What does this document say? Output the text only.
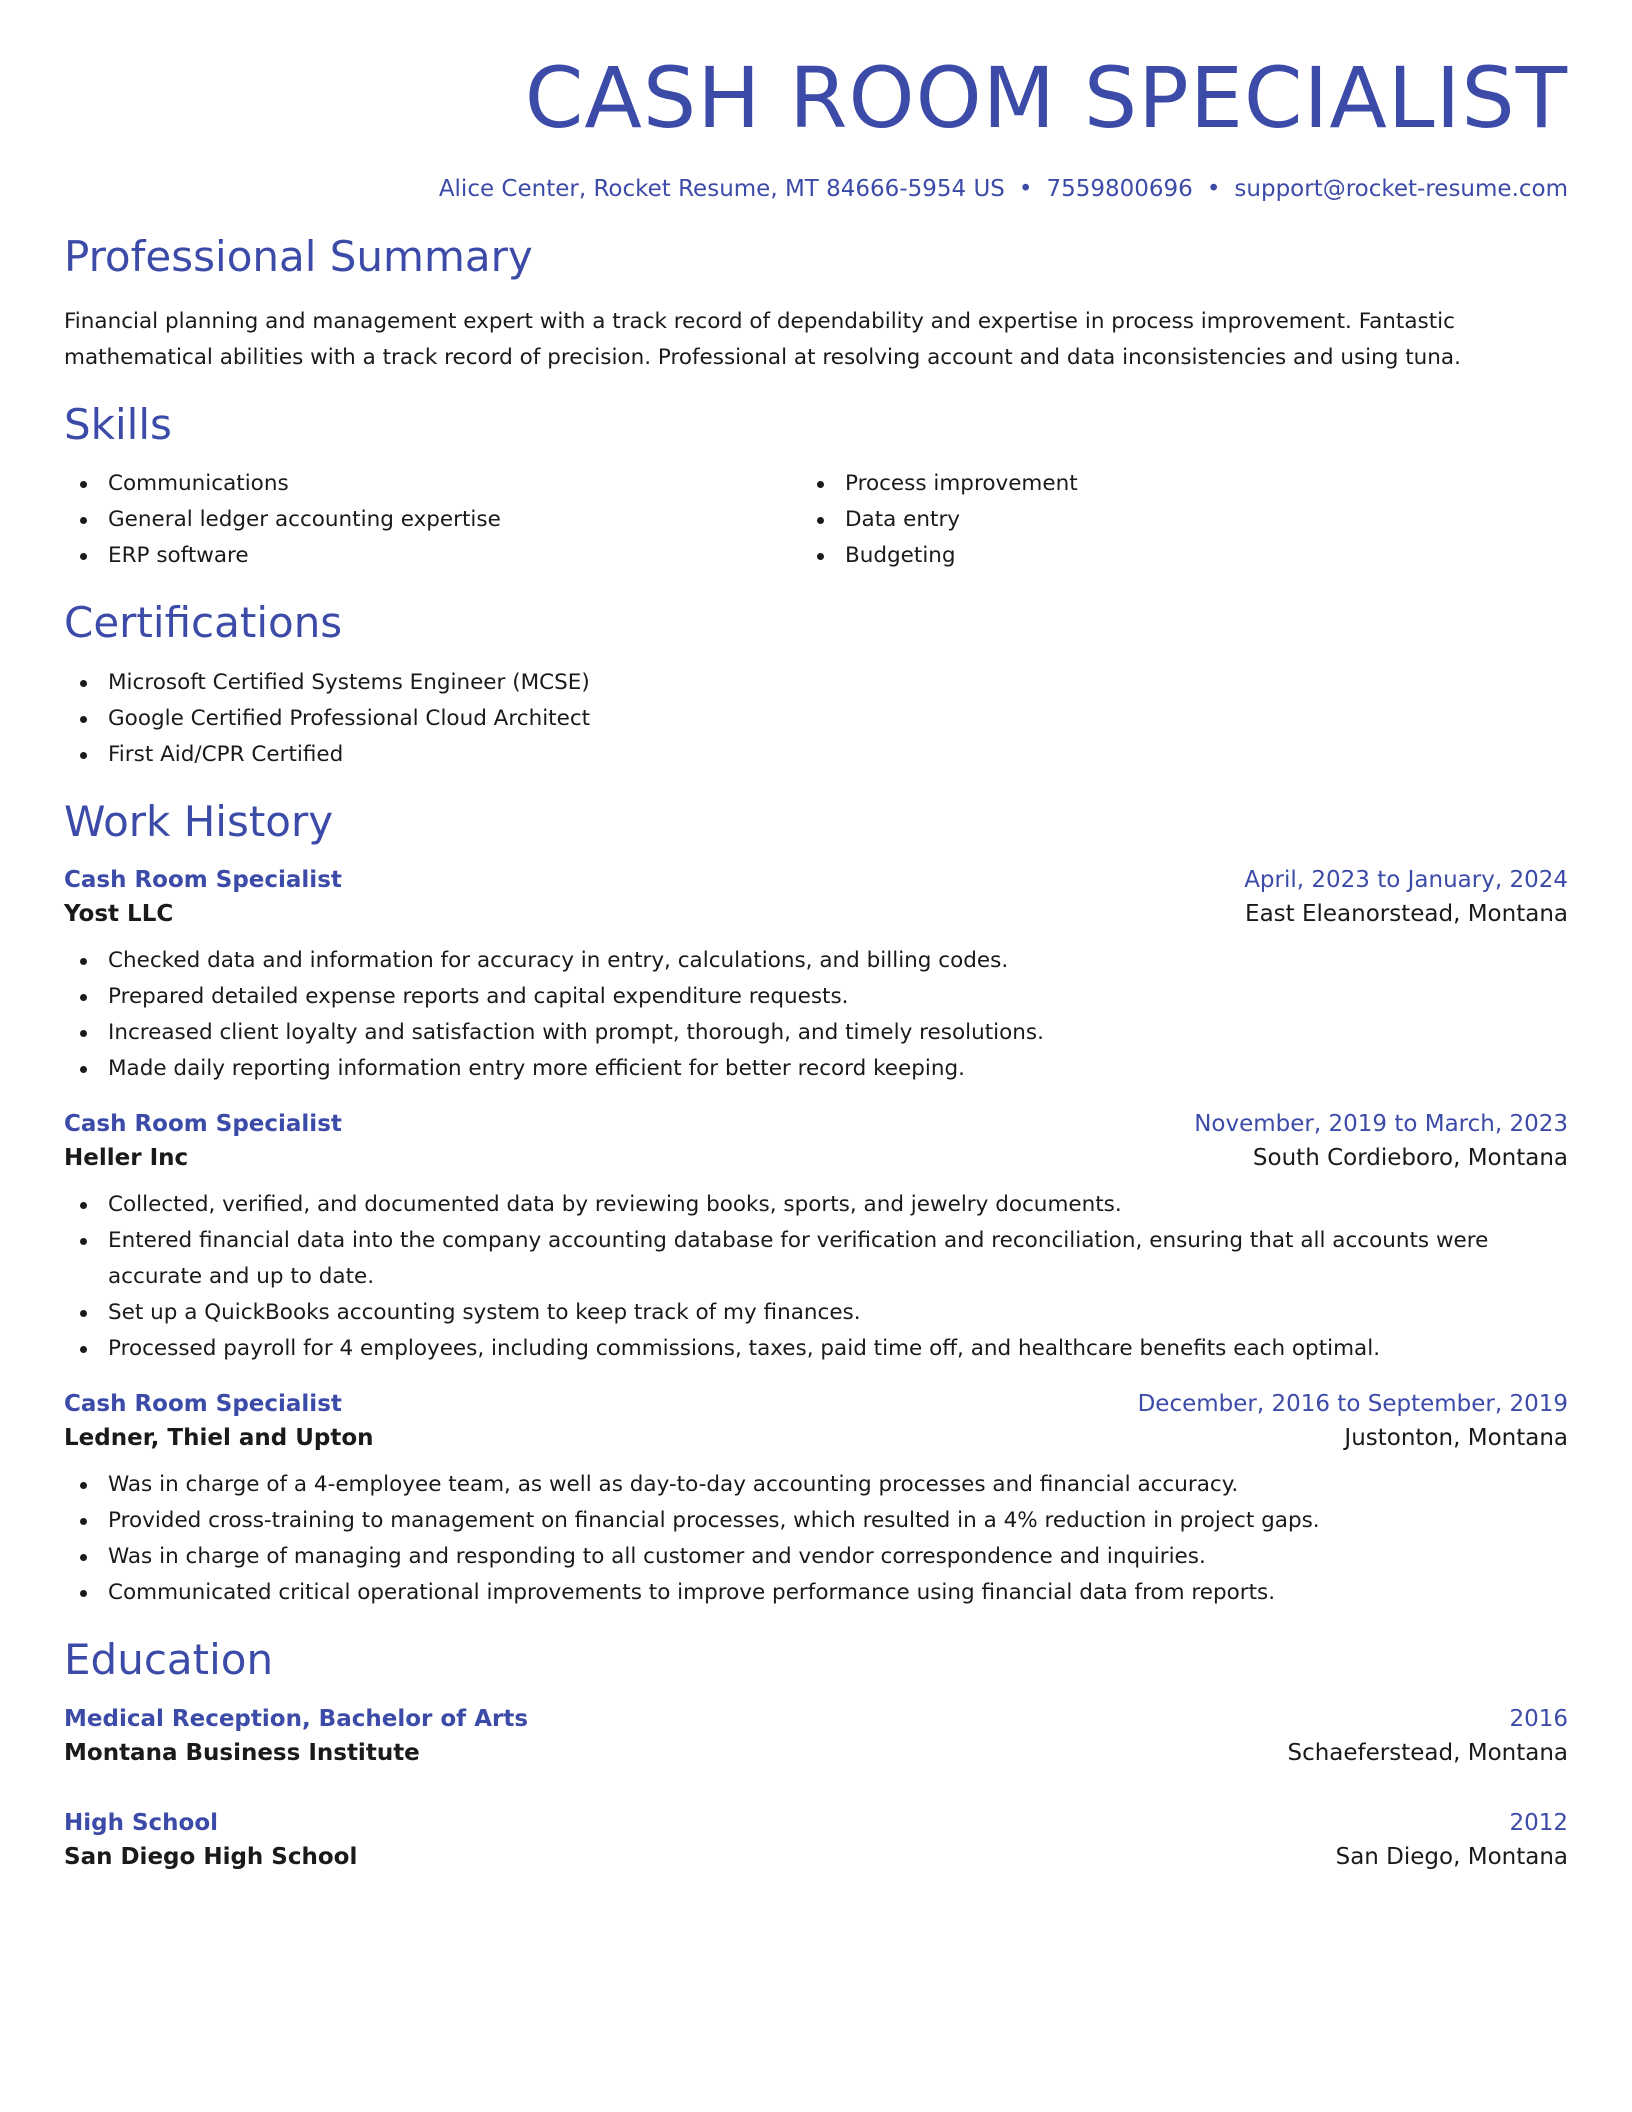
CASH ROOM SPECIALIST
Alice Center, Rocket Resume, MT 84666-5954 US • 7559800696 • support@rocket-resume.com
Professional Summary

Financial planning and management expert with a track record of dependability and expertise in process improvement. Fantastic mathematical abilities with a track record of precision. Professional at resolving account and data inconsistencies and using tuna.

Skills
Communications
General ledger accounting expertise
ERP software
Process improvement
Data entry
Budgeting
Certifications
Microsoft Certified Systems Engineer (MCSE)
Google Certified Professional Cloud Architect
First Aid/CPR Certified
Work History
Cash Room Specialist	April, 2023 to January, 2024
Yost LLC	East Eleanorstead, Montana
Checked data and information for accuracy in entry, calculations, and billing codes.
Prepared detailed expense reports and capital expenditure requests.
Increased client loyalty and satisfaction with prompt, thorough, and timely resolutions.
Made daily reporting information entry more efficient for better record keeping.
Cash Room Specialist	November, 2019 to March, 2023
Heller Inc	South Cordieboro, Montana
Collected, verified, and documented data by reviewing books, sports, and jewelry documents.
Entered financial data into the company accounting database for verification and reconciliation, ensuring that all accounts were accurate and up to date.
Set up a QuickBooks accounting system to keep track of my finances.
Processed payroll for 4 employees, including commissions, taxes, paid time off, and healthcare benefits each optimal.
Cash Room Specialist	December, 2016 to September, 2019
Ledner, Thiel and Upton	Justonton, Montana
Was in charge of a 4-employee team, as well as day-to-day accounting processes and financial accuracy.
Provided cross-training to management on financial processes, which resulted in a 4% reduction in project gaps.
Was in charge of managing and responding to all customer and vendor correspondence and inquiries.
Communicated critical operational improvements to improve performance using financial data from reports.
Education
Medical Reception, Bachelor of Arts	2016
Montana Business Institute	Schaeferstead, Montana
High School	2012
San Diego High School	San Diego, Montana
